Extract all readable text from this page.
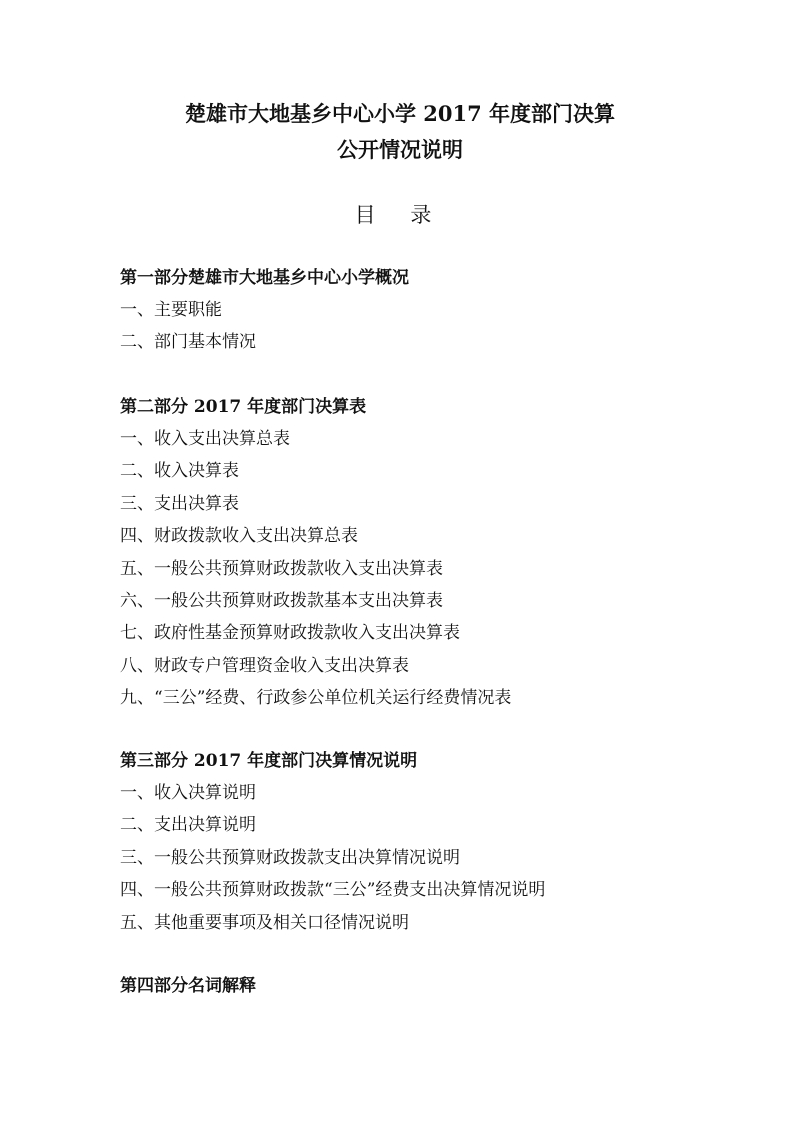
楚雄市大地基乡中心小学 2017 年度部门决算
公开情况说明
目 录
第一部分楚雄市大地基乡中心小学概况
一、主要职能
二、部门基本情况
第二部分 2017 年度部门决算表
一、收入支出决算总表
二、收入决算表
三、支出决算表
四、财政拨款收入支出决算总表
五、一般公共预算财政拨款收入支出决算表
六、一般公共预算财政拨款基本支出决算表
七、政府性基金预算财政拨款收入支出决算表
八、财政专户管理资金收入支出决算表
九、“三公”经费、行政参公单位机关运行经费情况表
第三部分 2017 年度部门决算情况说明
一、收入决算说明
二、支出决算说明
三、一般公共预算财政拨款支出决算情况说明
四、一般公共预算财政拨款“三公”经费支出决算情况说明
五、其他重要事项及相关口径情况说明
第四部分名词解释
